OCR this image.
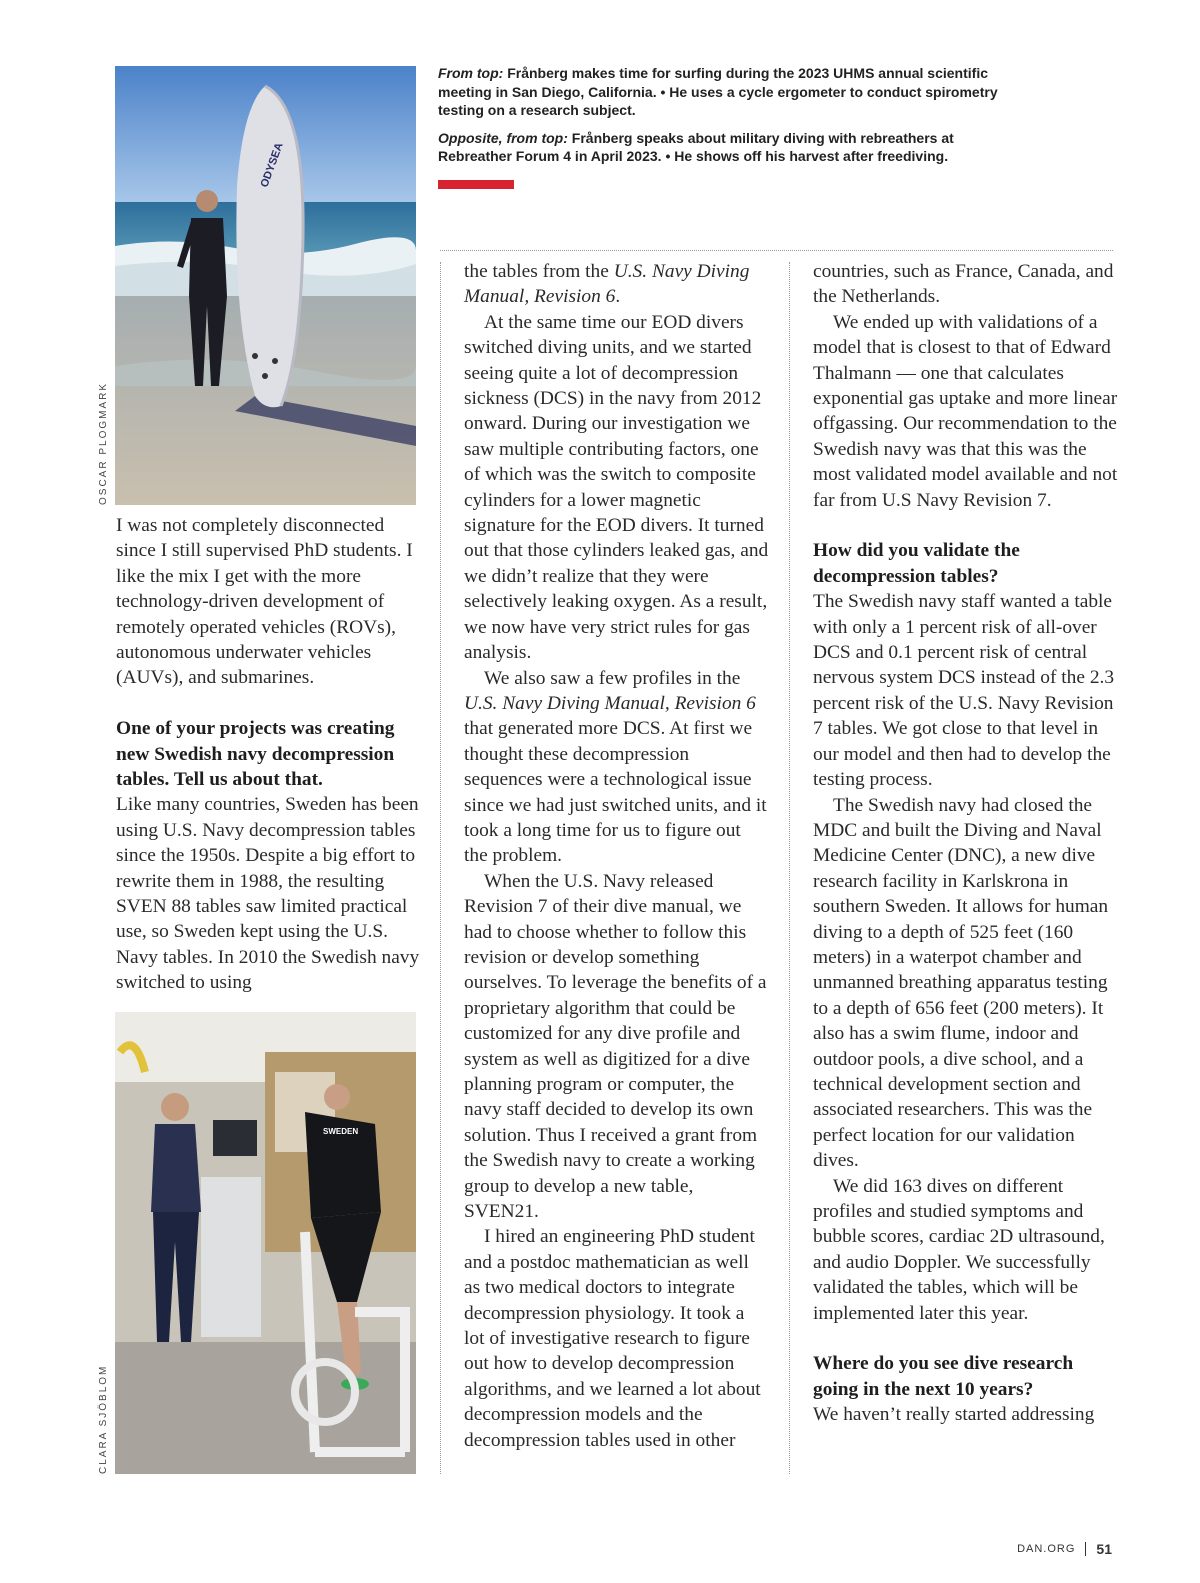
ODYSEA
OSCAR PLOGMARK
SWEDEN
CLARA SJÖBLOM

From top: Frånberg makes time for surfing during the 2023 UHMS annual scientific meeting in San Diego, California. • He uses a cycle ergometer to conduct spirometry testing on a research subject.

Opposite, from top: Frånberg speaks about military diving with rebreathers at Rebreather Forum 4 in April 2023. • He shows off his harvest after freediving.

I was not completely disconnected since I still supervised PhD students. I like the mix I get with the more technology-driven development of remotely operated vehicles (ROVs), autonomous underwater vehicles (AUVs), and submarines.

One of your projects was creating new Swedish navy decompression tables. Tell us about that.

Like many countries, Sweden has been using U.S. Navy decompression tables since the 1950s. Despite a big effort to rewrite them in 1988, the resulting SVEN 88 tables saw limited practical use, so Sweden kept using the U.S. Navy tables. In 2010 the Swedish navy switched to using

the tables from the U.S. Navy Diving Manual, Revision 6.

At the same time our EOD divers switched diving units, and we started seeing quite a lot of decompression sickness (DCS) in the navy from 2012 onward. During our investigation we saw multiple contributing factors, one of which was the switch to composite cylinders for a lower magnetic signature for the EOD divers. It turned out that those cylinders leaked gas, and we didn’t realize that they were selectively leaking oxygen. As a result, we now have very strict rules for gas analysis.

We also saw a few profiles in the U.S. Navy Diving Manual, Revision 6 that generated more DCS. At first we thought these decompression sequences were a technological issue since we had just switched units, and it took a long time for us to figure out the problem.

When the U.S. Navy released Revision 7 of their dive manual, we had to choose whether to follow this revision or develop something ourselves. To leverage the benefits of a proprietary algorithm that could be customized for any dive profile and system as well as digitized for a dive planning program or computer, the navy staff decided to develop its own solution. Thus I received a grant from the Swedish navy to create a working group to develop a new table, SVEN21.

I hired an engineering PhD student and a postdoc mathematician as well as two medical doctors to integrate decompression physiology. It took a lot of investigative research to figure out how to develop decompression algorithms, and we learned a lot about decompression models and the decompression tables used in other

countries, such as France, Canada, and the Netherlands.

We ended up with validations of a model that is closest to that of Edward Thalmann — one that calculates exponential gas uptake and more linear offgassing. Our recommendation to the Swedish navy was that this was the most validated model available and not far from U.S Navy Revision 7.

How did you validate the decompression tables?

The Swedish navy staff wanted a table with only a 1 percent risk of all-over DCS and 0.1 percent risk of central nervous system DCS instead of the 2.3 percent risk of the U.S. Navy Revision 7 tables. We got close to that level in our model and then had to develop the testing process.

The Swedish navy had closed the MDC and built the Diving and Naval Medicine Center (DNC), a new dive research facility in Karlskrona in southern Sweden. It allows for human diving to a depth of 525 feet (160 meters) in a waterpot chamber and unmanned breathing apparatus testing to a depth of 656 feet (200 meters). It also has a swim flume, indoor and outdoor pools, a dive school, and a technical development section and associated researchers. This was the perfect location for our validation dives.

We did 163 dives on different profiles and studied symptoms and bubble scores, cardiac 2D ultrasound, and audio Doppler. We successfully validated the tables, which will be implemented later this year.

Where do you see dive research going in the next 10 years?

We haven’t really started addressing

DAN.ORG 51
